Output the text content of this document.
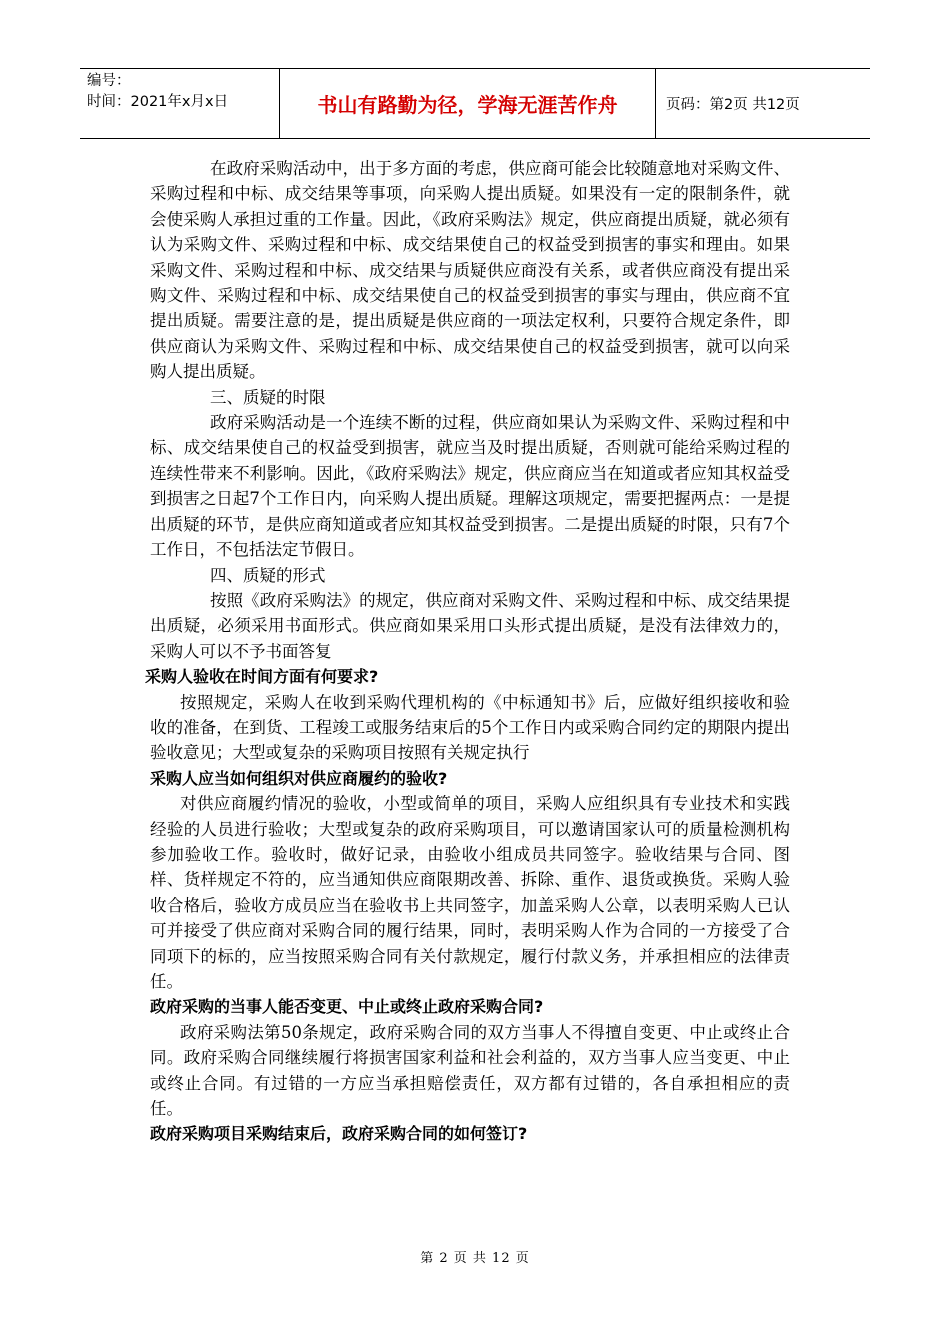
编号：
时间：2021年x月x日	书山有路勤为径，学海无涯苦作舟	页码：第2页 共12页

在政府采购活动中，出于多方面的考虑，供应商可能会比较随意地对采购文件、采购过程和中标、成交结果等事项，向采购人提出质疑。如果没有一定的限制条件，就会使采购人承担过重的工作量。因此，《政府采购法》规定，供应商提出质疑，就必须有认为采购文件、采购过程和中标、成交结果使自己的权益受到损害的事实和理由。如果采购文件、采购过程和中标、成交结果与质疑供应商没有关系，或者供应商没有提出采购文件、采购过程和中标、成交结果使自己的权益受到损害的事实与理由，供应商不宜提出质疑。需要注意的是，提出质疑是供应商的一项法定权利，只要符合规定条件，即供应商认为采购文件、采购过程和中标、成交结果使自己的权益受到损害，就可以向采购人提出质疑。

三、质疑的时限

政府采购活动是一个连续不断的过程，供应商如果认为采购文件、采购过程和中标、成交结果使自己的权益受到损害，就应当及时提出质疑，否则就可能给采购过程的连续性带来不利影响。因此，《政府采购法》规定，供应商应当在知道或者应知其权益受到损害之日起7个工作日内，向采购人提出质疑。理解这项规定，需要把握两点：一是提出质疑的环节，是供应商知道或者应知其权益受到损害。二是提出质疑的时限，只有7个工作日，不包括法定节假日。

四、质疑的形式

按照《政府采购法》的规定，供应商对采购文件、采购过程和中标、成交结果提出质疑，必须采用书面形式。供应商如果采用口头形式提出质疑，是没有法律效力的，采购人可以不予书面答复

采购人验收在时间方面有何要求?

按照规定，采购人在收到采购代理机构的《中标通知书》后，应做好组织接收和验收的准备，在到货、工程竣工或服务结束后的5个工作日内或采购合同约定的期限内提出验收意见；大型或复杂的采购项目按照有关规定执行

采购人应当如何组织对供应商履约的验收?

对供应商履约情况的验收，小型或简单的项目，采购人应组织具有专业技术和实践经验的人员进行验收；大型或复杂的政府采购项目，可以邀请国家认可的质量检测机构参加验收工作。验收时，做好记录，由验收小组成员共同签字。验收结果与合同、图样、货样规定不符的，应当通知供应商限期改善、拆除、重作、退货或换货。采购人验收合格后，验收方成员应当在验收书上共同签字，加盖采购人公章，以表明采购人已认可并接受了供应商对采购合同的履行结果，同时，表明采购人作为合同的一方接受了合同项下的标的，应当按照采购合同有关付款规定，履行付款义务，并承担相应的法律责任。

政府采购的当事人能否变更、中止或终止政府采购合同?

政府采购法第50条规定，政府采购合同的双方当事人不得擅自变更、中止或终止合同。政府采购合同继续履行将损害国家利益和社会利益的，双方当事人应当变更、中止或终止合同。有过错的一方应当承担赔偿责任，双方都有过错的，各自承担相应的责任。

政府采购项目采购结束后，政府采购合同的如何签订?

第 2 页 共 12 页
